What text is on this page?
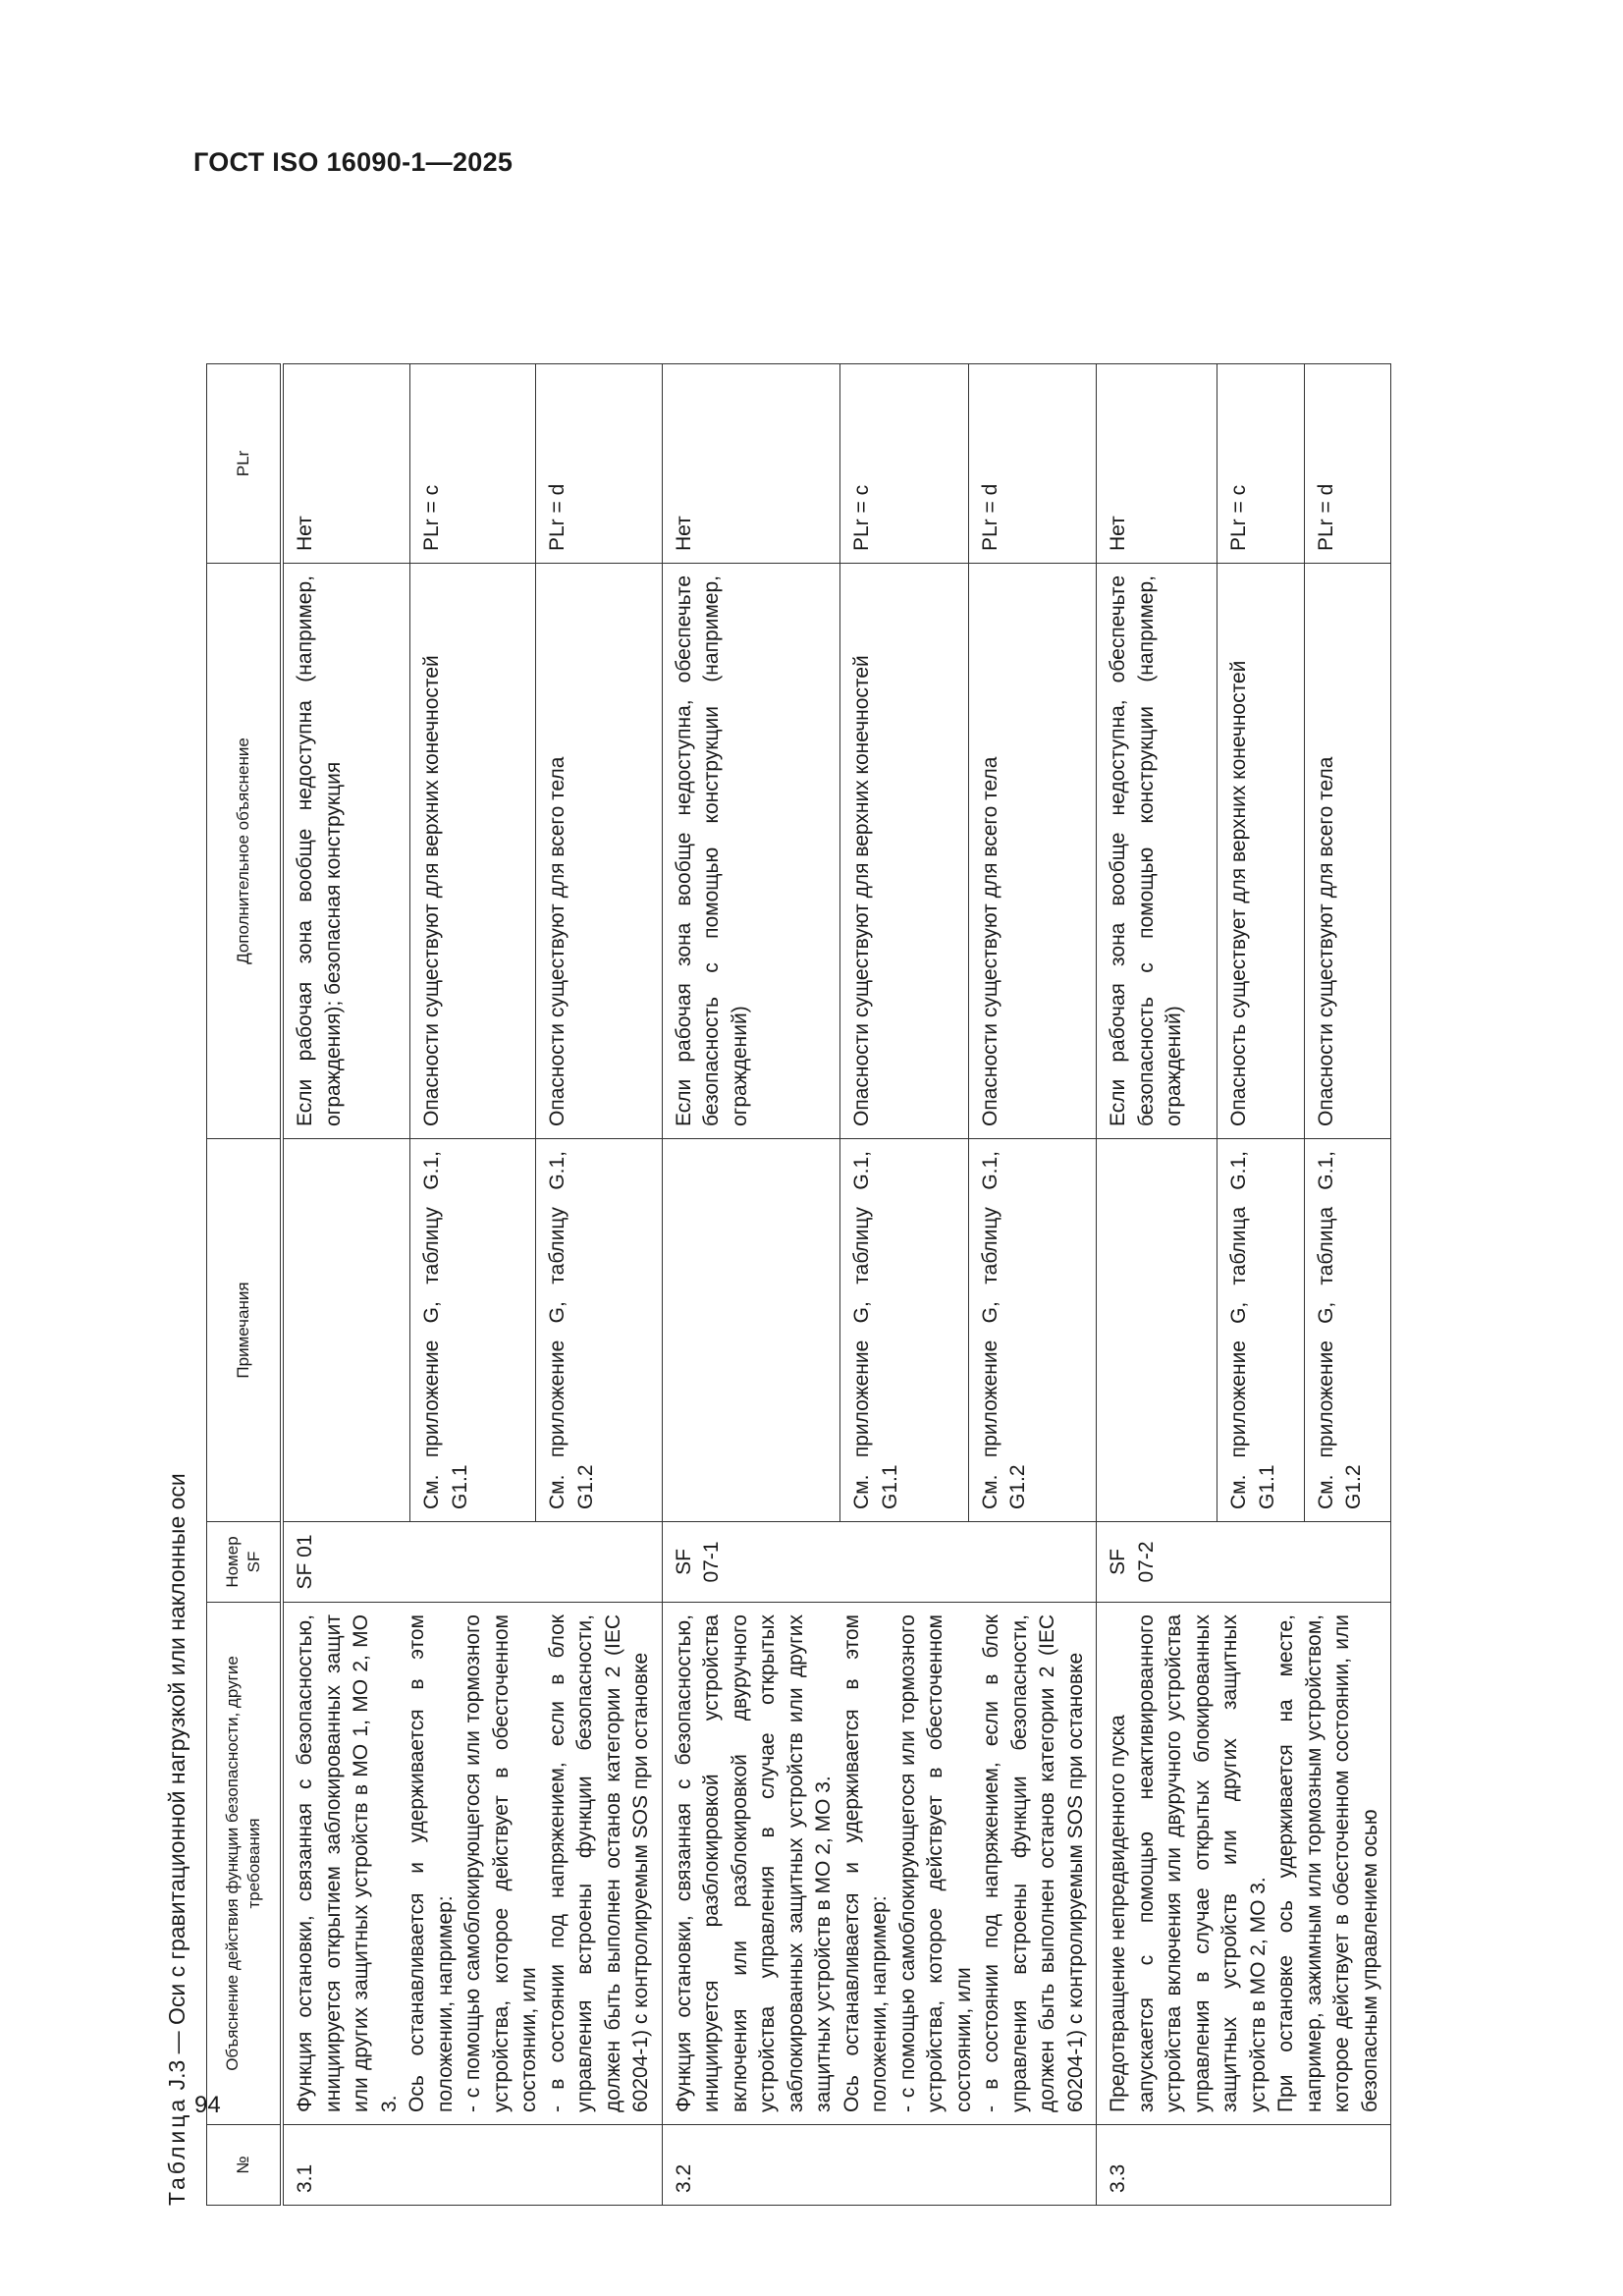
ГОСТ ISO 16090-1—2025
Таблица J.3 — Оси с гравитационной нагрузкой или наклонные оси
№	Объяснение действия функции безопасности, другие требования	Номер SF	Примечания	Дополнительное объяснение	PLr
3.1	Функция остановки, связанная с безопасностью, инициируется открытием заблокированных защит или других защитных устройств в MO 1, MO 2, MO 3. Ось останавливается и удерживается в этом положении, например: - с помощью самоблокирующегося или тормозного устройства, которое действует в обесточенном состоянии, или - в состоянии под напряжением, если в блок управления встроены функции безопасности, должен быть выполнен останов категории 2 (IEC 60204-1) с контролируемым SOS при остановке	SF 01		Если рабочая зона вообще недоступна (например, ограждения); безопасная конструкция	Нет
			См. приложение G, таблицу G.1, G1.1	Опасности существуют для верхних конечностей	PLr = c
			См. приложение G, таблицу G.1, G1.2	Опасности существуют для всего тела	PLr = d
3.2	Функция остановки, связанная с безопасностью, инициируется разблокировкой устройства включения или разблокировкой двуручного устройства управления в случае открытых заблокированных защитных устройств или других защитных устройств в MO 2, MO 3. Ось останавливается и удерживается в этом положении, например: - с помощью самоблокирующегося или тормозного устройства, которое действует в обесточенном состоянии, или - в состоянии под напряжением, если в блок управления встроены функции безопасности, должен быть выполнен останов категории 2 (IEC 60204-1) с контролируемым SOS при остановке	SF 07-1		Если рабочая зона вообще недоступна, обеспечьте безопасность с помощью конструкции (например, ограждений)	Нет
			См. приложение G, таблицу G.1, G1.1	Опасности существуют для верхних конечностей	PLr = c
			См. приложение G, таблицу G.1, G1.2	Опасности существуют для всего тела	PLr = d
3.3	Предотвращение непредвиденного пуска запускается с помощью неактивированного устройства включения или двуручного устройства управления в случае открытых блокированных защитных устройств или других защитных устройств в MO 2, MO 3. При остановке ось удерживается на месте, например, зажимным или тормозным устройством, которое действует в обесточенном состоянии, или безопасным управлением осью	SF 07-2		Если рабочая зона вообще недоступна, обеспечьте безопасность с помощью конструкции (например, ограждений)	Нет
			См. приложение G, таблица G.1, G1.1	Опасность существует для верхних конечностей	PLr = c
			См. приложение G, таблица G.1, G1.2	Опасности существуют для всего тела	PLr = d

94
